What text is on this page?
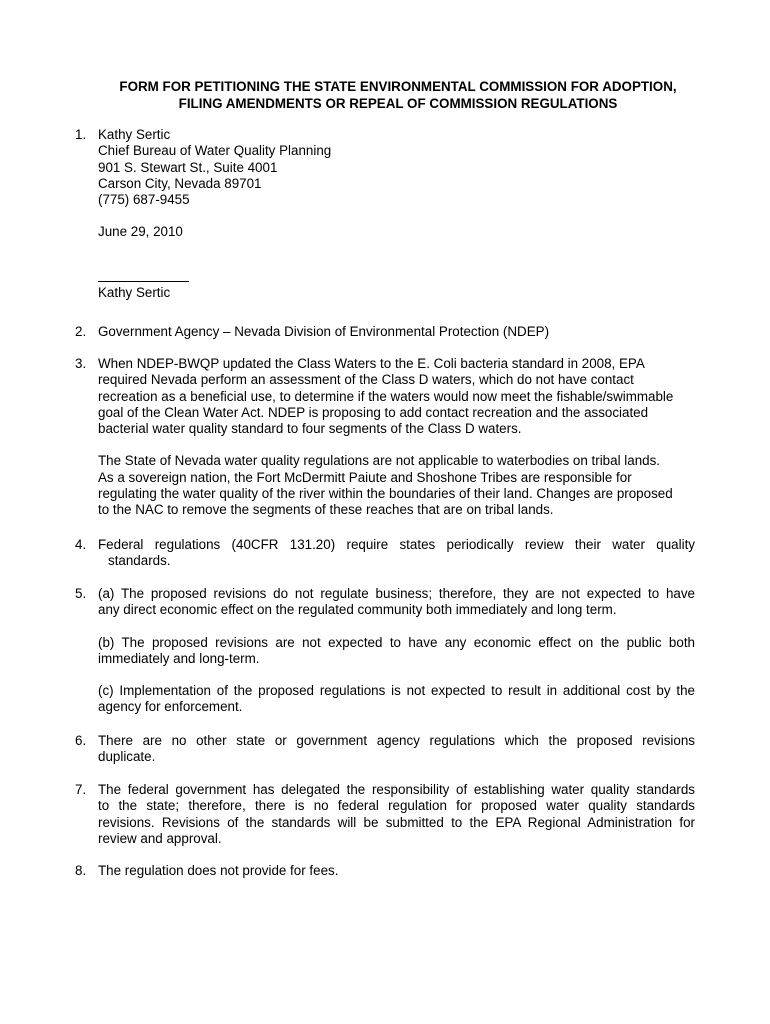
FORM FOR PETITIONING THE STATE ENVIRONMENTAL COMMISSION FOR ADOPTION,
FILING AMENDMENTS OR REPEAL OF COMMISSION REGULATIONS
1. Kathy Sertic
Chief Bureau of Water Quality Planning
901 S. Stewart St., Suite 4001
Carson City, Nevada 89701
(775) 687-9455
June 29, 2010
Kathy Sertic
2. Government Agency – Nevada Division of Environmental Protection (NDEP)
3. When NDEP-BWQP updated the Class Waters to the E. Coli bacteria standard in 2008, EPA
required Nevada perform an assessment of the Class D waters, which do not have contact
recreation as a beneficial use, to determine if the waters would now meet the fishable/swimmable
goal of the Clean Water Act. NDEP is proposing to add contact recreation and the associated
bacterial water quality standard to four segments of the Class D waters.
The State of Nevada water quality regulations are not applicable to waterbodies on tribal lands.
As a sovereign nation, the Fort McDermitt Paiute and Shoshone Tribes are responsible for
regulating the water quality of the river within the boundaries of their land. Changes are proposed
to the NAC to remove the segments of these reaches that are on tribal lands.
4. Federal regulations (40CFR 131.20) require states periodically review their water quality
standards.
5. (a) The proposed revisions do not regulate business; therefore, they are not expected to have
any direct economic effect on the regulated community both immediately and long term.
(b) The proposed revisions are not expected to have any economic effect on the public both
immediately and long-term.
(c) Implementation of the proposed regulations is not expected to result in additional cost by the
agency for enforcement.
6. There are no other state or government agency regulations which the proposed revisions
duplicate.
7. The federal government has delegated the responsibility of establishing water quality standards
to the state; therefore, there is no federal regulation for proposed water quality standards
revisions. Revisions of the standards will be submitted to the EPA Regional Administration for
review and approval.
8. The regulation does not provide for fees.
